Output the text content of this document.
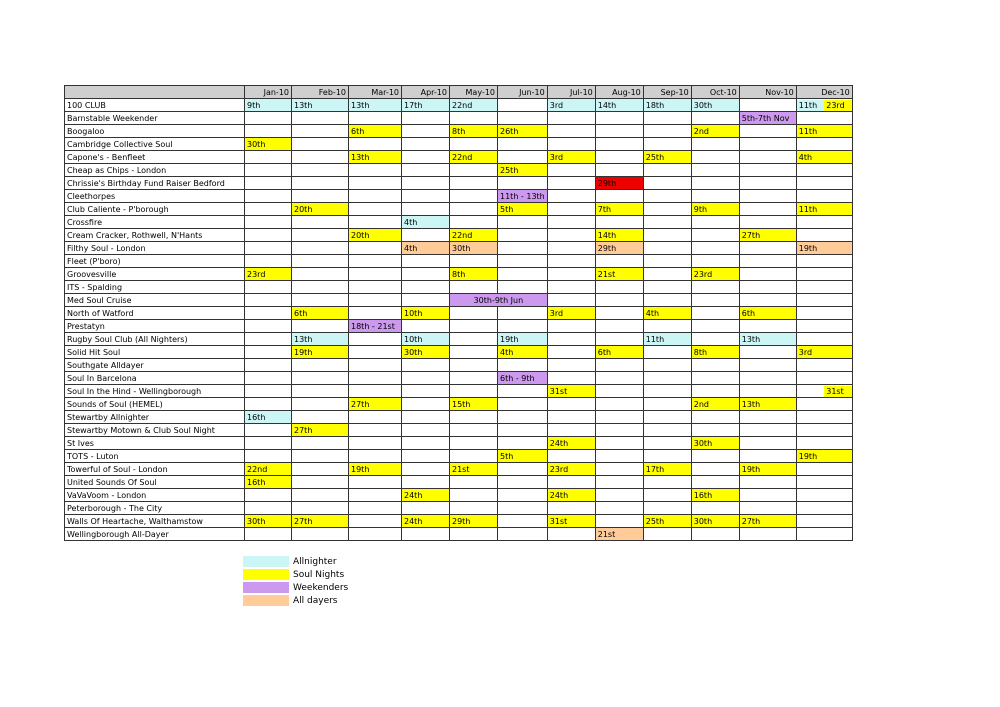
	Jan-10	Feb-10	Mar-10	Apr-10	May-10	Jun-10	Jul-10	Aug-10	Sep-10	Oct-10	Nov-10	Dec-10
100 CLUB	9th	13th	13th	17th	22nd		3rd	14th	18th	30th		11th 23rd
Barnstable Weekender											5th-7th Nov	
Boogaloo			6th		8th	26th				2nd		11th
Cambridge Collective Soul	30th											
Capone's - Benfleet			13th		22nd		3rd		25th			4th
Cheap as Chips - London						25th						
Chrissie's Birthday Fund Raiser Bedford								29th				
Cleethorpes						11th - 13th						
Club Caliente - P'borough		20th				5th		7th		9th		11th
Crossfire				4th								
Cream Cracker, Rothwell, N'Hants			20th		22nd			14th			27th	
Filthy Soul - London				4th	30th			29th				19th
Fleet (P'boro)												
Groovesville	23rd				8th			21st		23rd		
ITS - Spalding												
Med Soul Cruise					30th-9th Jun							
North of Watford		6th		10th			3rd		4th		6th	
Prestatyn			18th - 21st									
Rugby Soul Club (All Nighters)		13th		10th		19th			11th		13th	
Solid Hit Soul		19th		30th		4th		6th		8th		3rd
Southgate Alldayer												
Soul In Barcelona						6th - 9th						
Soul In the Hind - Wellingborough							31st					31st
Sounds of Soul (HEMEL)			27th		15th					2nd	13th	
Stewartby Allnighter	16th											
Stewartby Motown & Club Soul Night		27th										
St Ives							24th			30th		
TOTS - Luton						5th						19th
Towerful of Soul - London	22nd		19th		21st		23rd		17th		19th	
United Sounds Of Soul	16th											
VaVaVoom - London				24th			24th			16th		
Peterborough - The City												
Walls Of Heartache, Walthamstow	30th	27th		24th	29th		31st		25th	30th	27th	
Wellingborough All-Dayer								21st				
Allnighter
Soul Nights
Weekenders
All dayers
